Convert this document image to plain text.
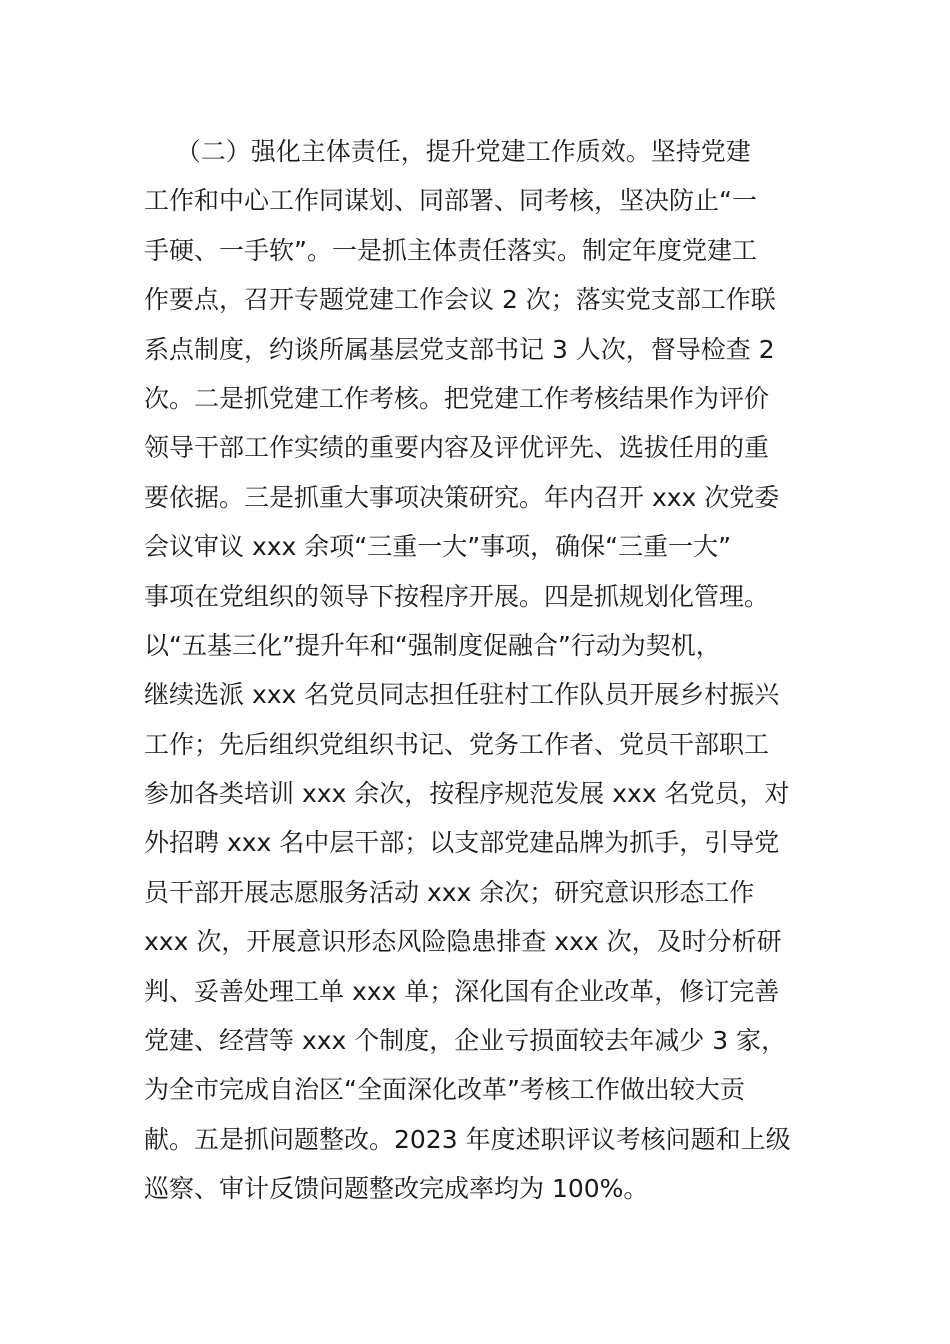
（二）强化主体责任，提升党建工作质效。坚持党建
工作和中心工作同谋划、同部署、同考核，坚决防止“一
手硬、一手软”。一是抓主体责任落实。制定年度党建工
作要点，召开专题党建工作会议 2 次；落实党支部工作联
系点制度，约谈所属基层党支部书记 3 人次，督导检查 2
次。二是抓党建工作考核。把党建工作考核结果作为评价
领导干部工作实绩的重要内容及评优评先、选拔任用的重
要依据。三是抓重大事项决策研究。年内召开 xxx 次党委
会议审议 xxx 余项“三重一大”事项，确保“三重一大”
事项在党组织的领导下按程序开展。四是抓规划化管理。
以“五基三化”提升年和“强制度促融合”行动为契机，
继续选派 xxx 名党员同志担任驻村工作队员开展乡村振兴
工作；先后组织党组织书记、党务工作者、党员干部职工
参加各类培训 xxx 余次，按程序规范发展 xxx 名党员，对
外招聘 xxx 名中层干部；以支部党建品牌为抓手，引导党
员干部开展志愿服务活动 xxx 余次；研究意识形态工作
xxx 次，开展意识形态风险隐患排查 xxx 次，及时分析研
判、妥善处理工单 xxx 单；深化国有企业改革，修订完善
党建、经营等 xxx 个制度，企业亏损面较去年减少 3 家，
为全市完成自治区“全面深化改革”考核工作做出较大贡
献。五是抓问题整改。2023 年度述职评议考核问题和上级
巡察、审计反馈问题整改完成率均为 100%。
